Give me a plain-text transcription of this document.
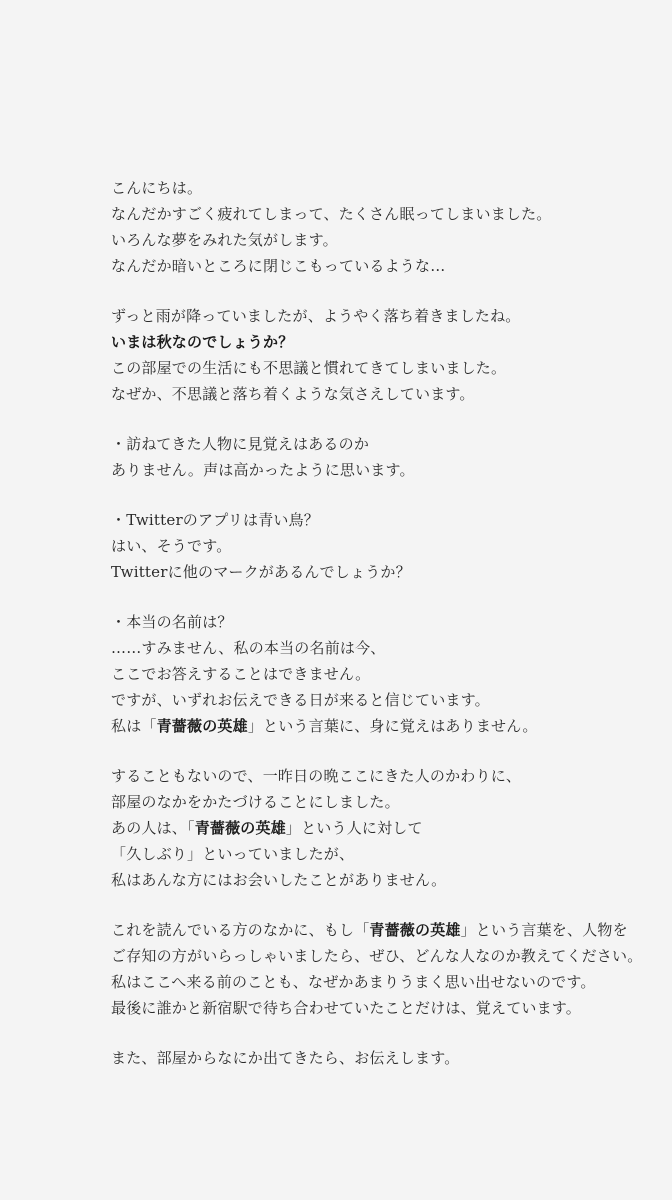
こんにちは。
なんだかすごく疲れてしまって、たくさん眠ってしまいました。
いろんな夢をみれた気がします。
なんだか暗いところに閉じこもっているような…
ずっと雨が降っていましたが、ようやく落ち着きましたね。
いまは秋なのでしょうか？
この部屋での生活にも不思議と慣れてきてしまいました。
なぜか、不思議と落ち着くような気さえしています。
・訪ねてきた人物に見覚えはあるのか
ありません。声は高かったように思います。
・Twitterのアプリは青い鳥？
はい、そうです。
Twitterに他のマークがあるんでしょうか？
・本当の名前は？
……すみません、私の本当の名前は今、
ここでお答えすることはできません。
ですが、いずれお伝えできる日が来ると信じています。
私は「青薔薇の英雄」という言葉に、身に覚えはありません。
することもないので、一昨日の晩ここにきた人のかわりに、
部屋のなかをかたづけることにしました。
あの人は、「青薔薇の英雄」という人に対して
「久しぶり」といっていましたが、
私はあんな方にはお会いしたことがありません。
これを読んでいる方のなかに、もし「青薔薇の英雄」という言葉を、人物を
ご存知の方がいらっしゃいましたら、ぜひ、どんな人なのか教えてください。
私はここへ来る前のことも、なぜかあまりうまく思い出せないのです。
最後に誰かと新宿駅で待ち合わせていたことだけは、覚えています。
また、部屋からなにか出てきたら、お伝えします。
